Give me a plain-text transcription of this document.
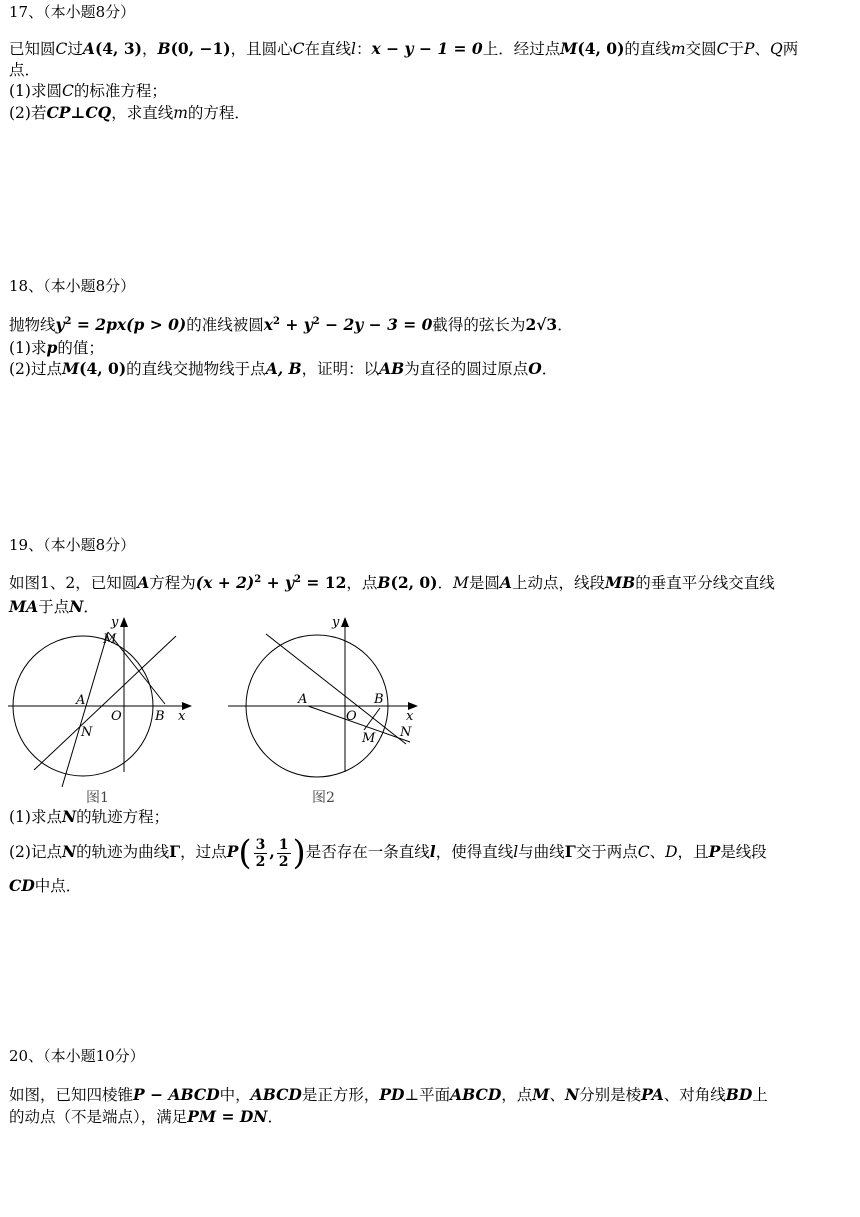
17、（本小题8分）
已知圆C过A(4, 3)，B(0, −1)，且圆心C在直线l：x − y − 1 = 0上．经过点M(4, 0)的直线m交圆C于P、Q两
点．
(1)求圆C的标准方程；
(2)若CP⊥CQ，求直线m的方程．
18、（本小题8分）
抛物线$y^2 = 2px(p > 0)$的准线被圆$x^2 + y^2 - 2y - 3 = 0$截得的弦长为2√3．
(1)求p的值；
(2)过点M(4, 0)的直线交抛物线于点A, B，证明：以AB为直径的圆过原点O．
19、（本小题8分）
如图1、2，已知圆A方程为$(x + 2)^2 + y^2 = 12$，点B(2, 0)．M是圆A上动点，线段MB的垂直平分线交直线
MA于点N．
y
M
A
O	B x
N
图1
y
A	B
O	x
N
M
图2
(1)求点N的轨迹方程；
(2)记点N的轨迹为曲线Γ，过点$P( \frac{3}{2}$ , $\frac{1}{2}$ )是否存在一条直线l，使得直线l与曲线Γ交于两点C、D，且P是线段
CD中点．
20、（本小题10分）
如图，已知四棱锥P − ABCD中，ABCD是正方形，PD⊥平面ABCD，点M、N分别是棱PA、对角线BD上
的动点（不是端点），满足PM = DN．
